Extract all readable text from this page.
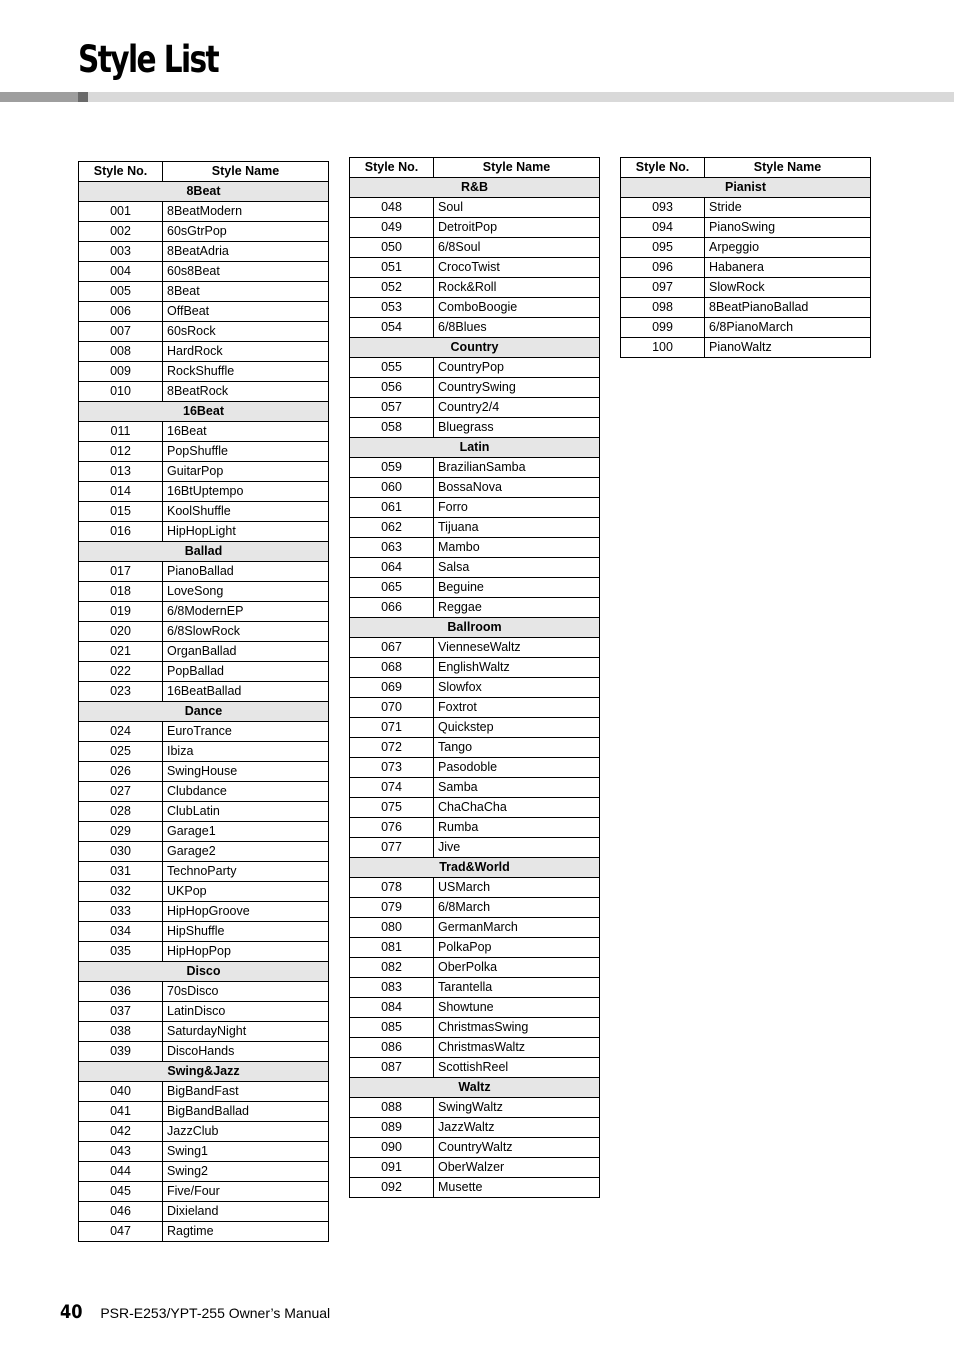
Style List
Style No.	Style Name
8Beat	
001	8BeatModern
002	60sGtrPop
003	8BeatAdria
004	60s8Beat
005	8Beat
006	OffBeat
007	60sRock
008	HardRock
009	RockShuffle
010	8BeatRock
16Beat	
011	16Beat
012	PopShuffle
013	GuitarPop
014	16BtUptempo
015	KoolShuffle
016	HipHopLight
Ballad	
017	PianoBallad
018	LoveSong
019	6/8ModernEP
020	6/8SlowRock
021	OrganBallad
022	PopBallad
023	16BeatBallad
Dance	
024	EuroTrance
025	Ibiza
026	SwingHouse
027	Clubdance
028	ClubLatin
029	Garage1
030	Garage2
031	TechnoParty
032	UKPop
033	HipHopGroove
034	HipShuffle
035	HipHopPop
Disco	
036	70sDisco
037	LatinDisco
038	SaturdayNight
039	DiscoHands
Swing&Jazz	
040	BigBandFast
041	BigBandBallad
042	JazzClub
043	Swing1
044	Swing2
045	Five/Four
046	Dixieland
047	Ragtime
Style No.	Style Name
R&B	
048	Soul
049	DetroitPop
050	6/8Soul
051	CrocoTwist
052	Rock&Roll
053	ComboBoogie
054	6/8Blues
Country	
055	CountryPop
056	CountrySwing
057	Country2/4
058	Bluegrass
Latin	
059	BrazilianSamba
060	BossaNova
061	Forro
062	Tijuana
063	Mambo
064	Salsa
065	Beguine
066	Reggae
Ballroom	
067	VienneseWaltz
068	EnglishWaltz
069	Slowfox
070	Foxtrot
071	Quickstep
072	Tango
073	Pasodoble
074	Samba
075	ChaChaCha
076	Rumba
077	Jive
Trad&World	
078	USMarch
079	6/8March
080	GermanMarch
081	PolkaPop
082	OberPolka
083	Tarantella
084	Showtune
085	ChristmasSwing
086	ChristmasWaltz
087	ScottishReel
Waltz	
088	SwingWaltz
089	JazzWaltz
090	CountryWaltz
091	OberWalzer
092	Musette
Style No.	Style Name
Pianist	
093	Stride
094	PianoSwing
095	Arpeggio
096	Habanera
097	SlowRock
098	8BeatPianoBallad
099	6/8PianoMarch
100	PianoWaltz
40 PSR-E253/YPT-255 Owner’s Manual
